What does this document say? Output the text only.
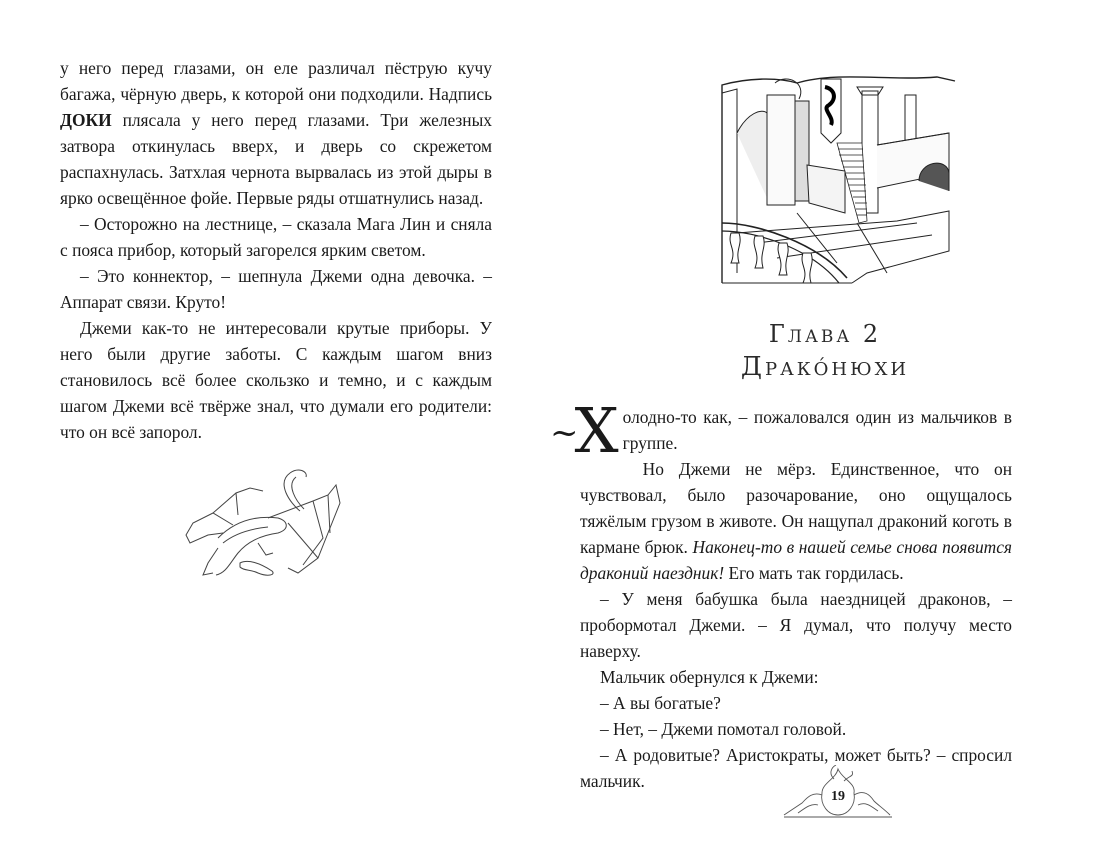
у него перед глазами, он еле различал пёструю кучу багажа, чёрную дверь, к которой они подходили. Надпись ДОКИ плясала у него перед глазами. Три железных затвора откинулась вверх, и дверь со скрежетом распахнулась. Затхлая чернота вырвалась из этой дыры в ярко освещённое фойе. Первые ряды отшатнулись назад.

– Осторожно на лестнице, – сказала Мага Лин и сняла с пояса прибор, который загорелся ярким светом.

– Это коннектор, – шепнула Джеми одна девочка. – Аппарат связи. Круто!

Джеми как-то не интересовали крутые приборы. У него были другие заботы. С каждым шагом вниз становилось всё более скользко и темно, и с каждым шагом Джеми всё твёрже знал, что думали его родители: что он всё запорол.

Глава 2
Драко́нюхи

~Х олодно-то как, – пожаловался один из мальчиков в группе.

Но Джеми не мёрз. Единственное, что он чувствовал, было разочарование, оно ощущалось тяжёлым грузом в животе. Он нащупал драконий коготь в кармане брюк. Наконец-то в нашей семье снова появится драконий наездник! Его мать так гордилась.

– У меня бабушка была наездницей драконов, – пробормотал Джеми. – Я думал, что получу место наверху.

Мальчик обернулся к Джеми:

– А вы богатые?

– Нет, – Джеми помотал головой.

– А родовитые? Аристократы, может быть? – спросил мальчик.

19
